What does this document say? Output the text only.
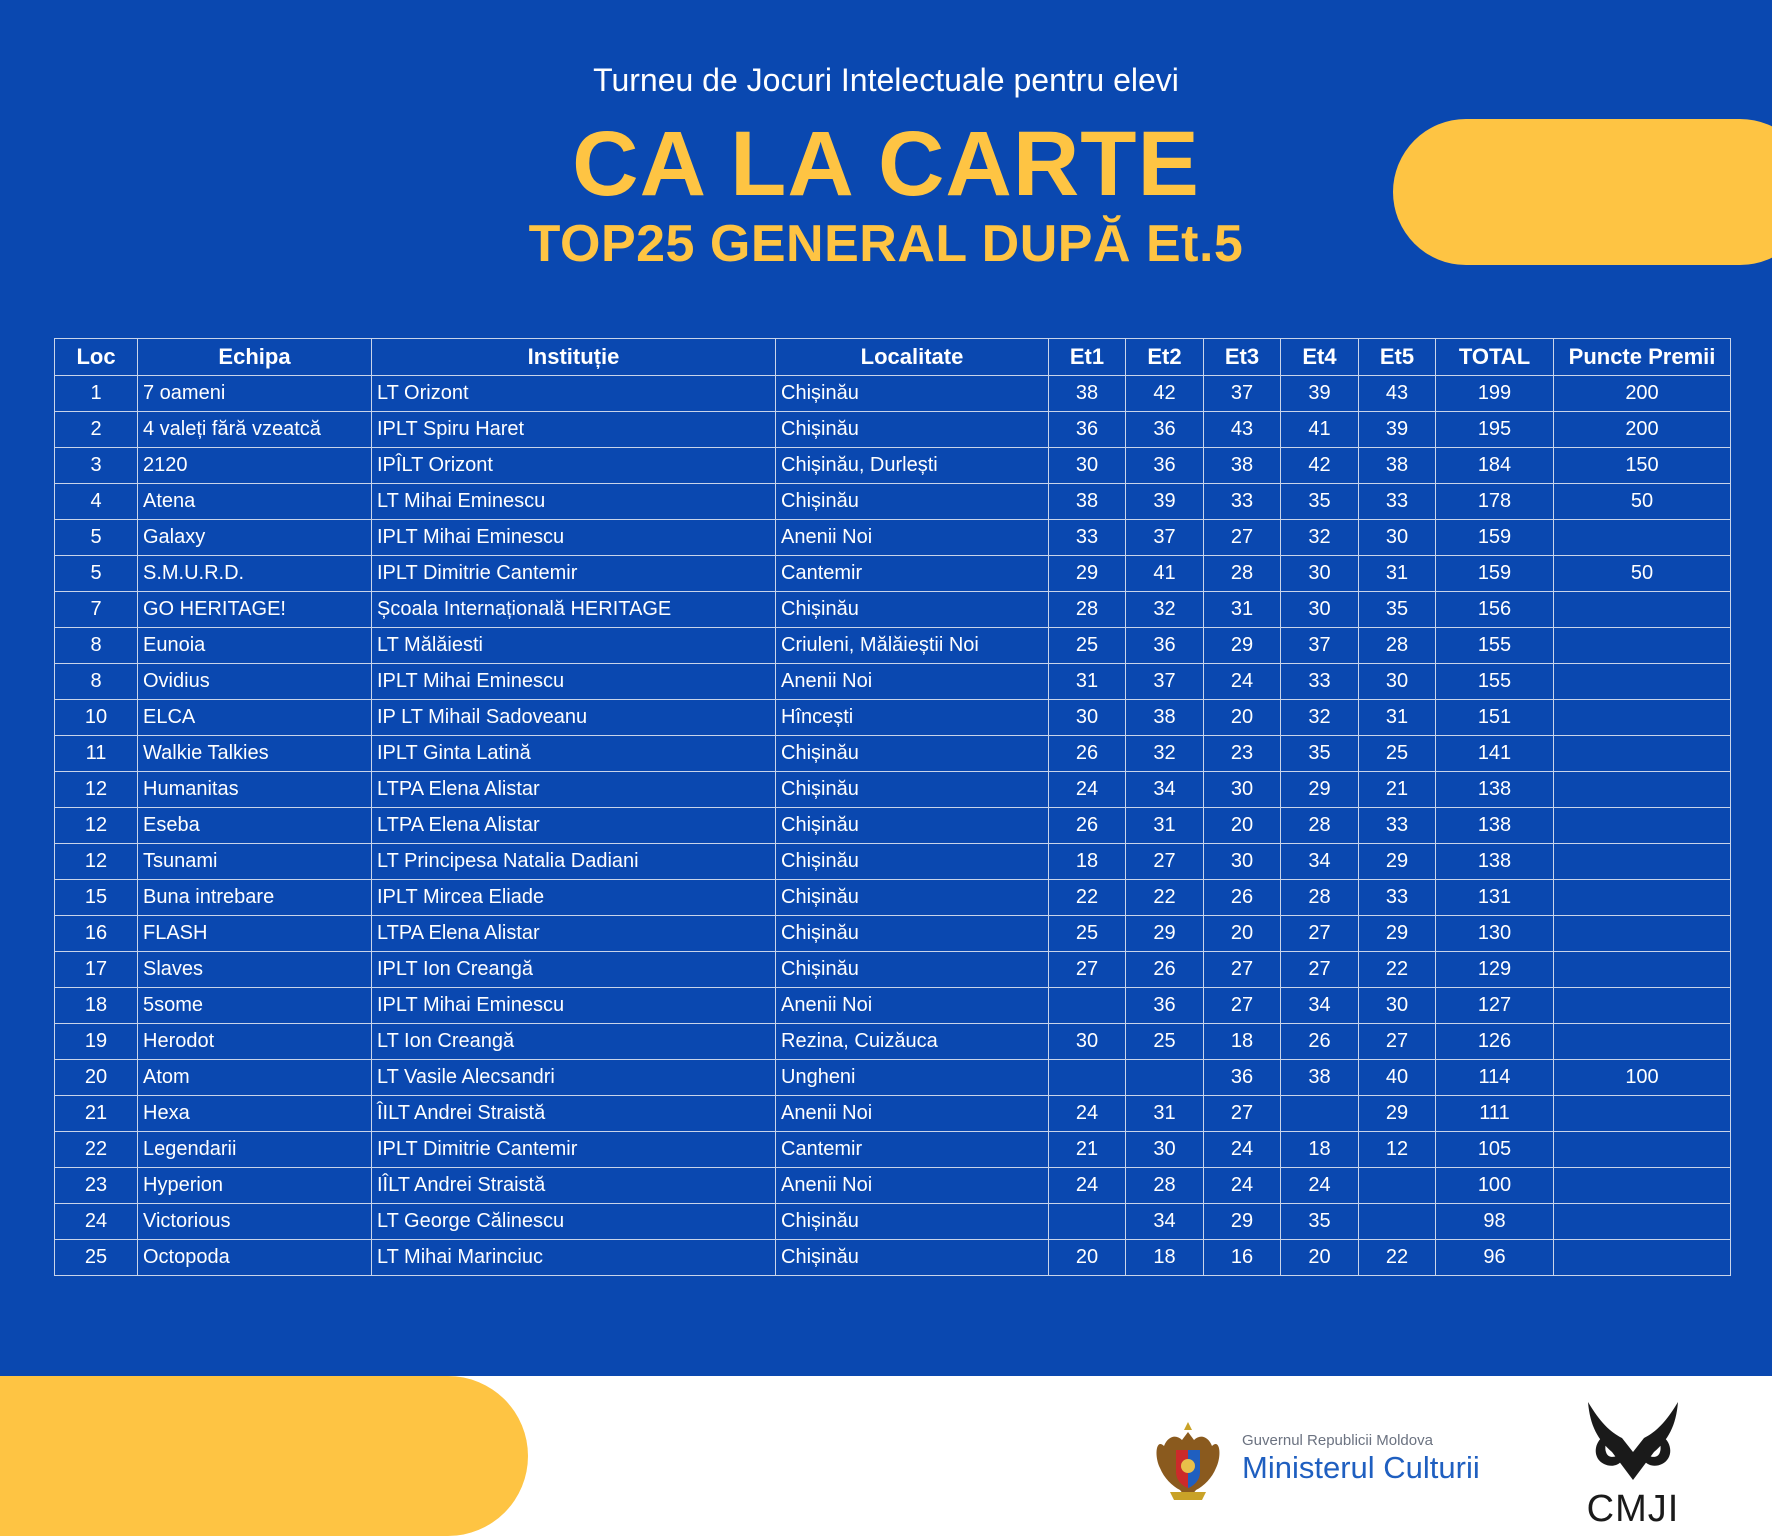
Turneu de Jocuri Intelectuale pentru elevi
CA LA CARTE
TOP25 GENERAL DUPĂ Et.5
Loc	Echipa	Instituție	Localitate	Et1	Et2	Et3	Et4	Et5	TOTAL	Puncte Premii
1	7 oameni	LT Orizont	Chișinău	38	42	37	39	43	199	200
2	4 valeți fără vzeatcă	IPLT Spiru Haret	Chișinău	36	36	43	41	39	195	200
3	2120	IPÎLT Orizont	Chișinău, Durlești	30	36	38	42	38	184	150
4	Atena	LT Mihai Eminescu	Chișinău	38	39	33	35	33	178	50
5	Galaxy	IPLT Mihai Eminescu	Anenii Noi	33	37	27	32	30	159	
5	S.M.U.R.D.	IPLT Dimitrie Cantemir	Cantemir	29	41	28	30	31	159	50
7	GO HERITAGE!	Școala Internațională HERITAGE	Chișinău	28	32	31	30	35	156	
8	Eunoia	LT Mălăiesti	Criuleni, Mălăieștii Noi	25	36	29	37	28	155	
8	Ovidius	IPLT Mihai Eminescu	Anenii Noi	31	37	24	33	30	155	
10	ELCA	IP LT Mihail Sadoveanu	Hîncești	30	38	20	32	31	151	
11	Walkie Talkies	IPLT Ginta Latină	Chișinău	26	32	23	35	25	141	
12	Humanitas	LTPA Elena Alistar	Chișinău	24	34	30	29	21	138	
12	Eseba	LTPA Elena Alistar	Chișinău	26	31	20	28	33	138	
12	Tsunami	LT Principesa Natalia Dadiani	Chișinău	18	27	30	34	29	138	
15	Buna intrebare	IPLT Mircea Eliade	Chișinău	22	22	26	28	33	131	
16	FLASH	LTPA Elena Alistar	Chișinău	25	29	20	27	29	130	
17	Slaves	IPLT Ion Creangă	Chișinău	27	26	27	27	22	129	
18	5some	IPLT Mihai Eminescu	Anenii Noi		36	27	34	30	127	
19	Herodot	LT Ion Creangă	Rezina, Cuizăuca	30	25	18	26	27	126	
20	Atom	LT Vasile Alecsandri	Ungheni			36	38	40	114	100
21	Hexa	ÎILT Andrei Straistă	Anenii Noi	24	31	27		29	111	
22	Legendarii	IPLT Dimitrie Cantemir	Cantemir	21	30	24	18	12	105	
23	Hyperion	IÎLT Andrei Straistă	Anenii Noi	24	28	24	24		100	
24	Victorious	LT George Călinescu	Chișinău		34	29	35		98	
25	Octopoda	LT Mihai Marinciuc	Chișinău	20	18	16	20	22	96	
Guvernul Republicii Moldova
Ministerul Culturii
CMJI
